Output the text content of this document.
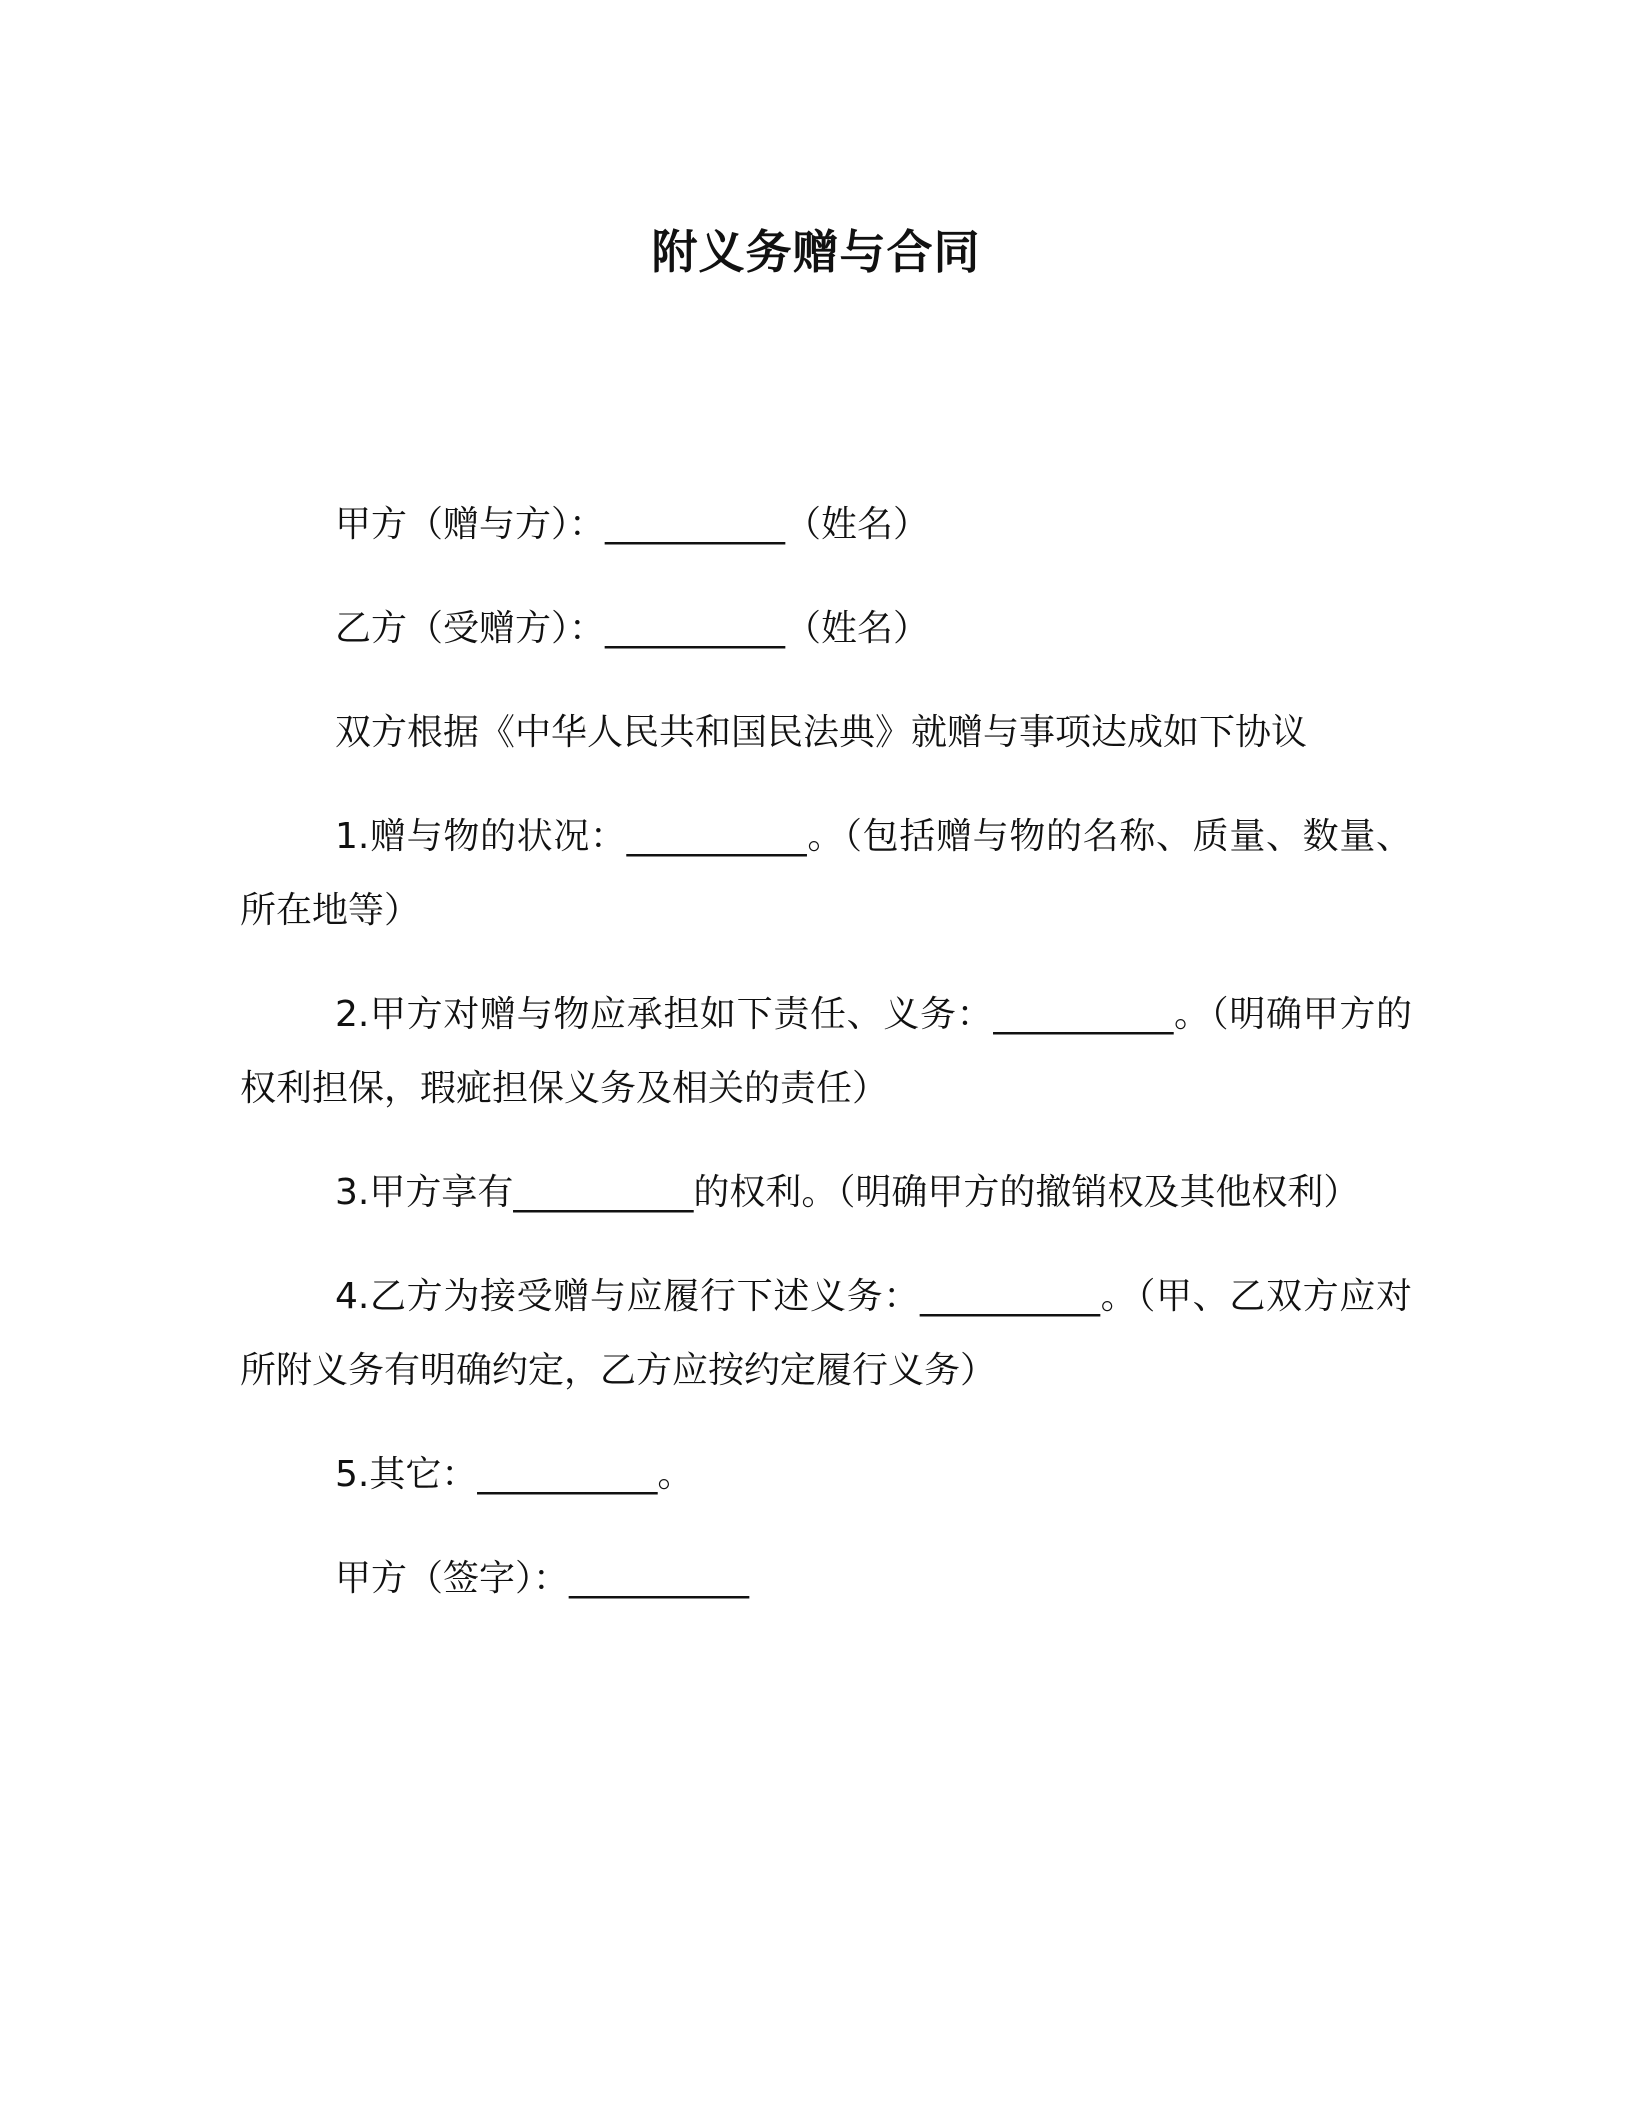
附义务赠与合同

甲方（赠与方）：__________（姓名）

乙方（受赠方）：__________（姓名）

双方根据《中华人民共和国民法典》就赠与事项达成如下协议

1.赠与物的状况：__________。（包括赠与物的名称、质量、数量、所在地等）

2.甲方对赠与物应承担如下责任、义务：__________。（明确甲方的权利担保，瑕疵担保义务及相关的责任）

3.甲方享有__________的权利。（明确甲方的撤销权及其他权利）

4.乙方为接受赠与应履行下述义务：__________。（甲、乙双方应对所附义务有明确约定，乙方应按约定履行义务）

5.其它：__________。

甲方（签字）：__________
